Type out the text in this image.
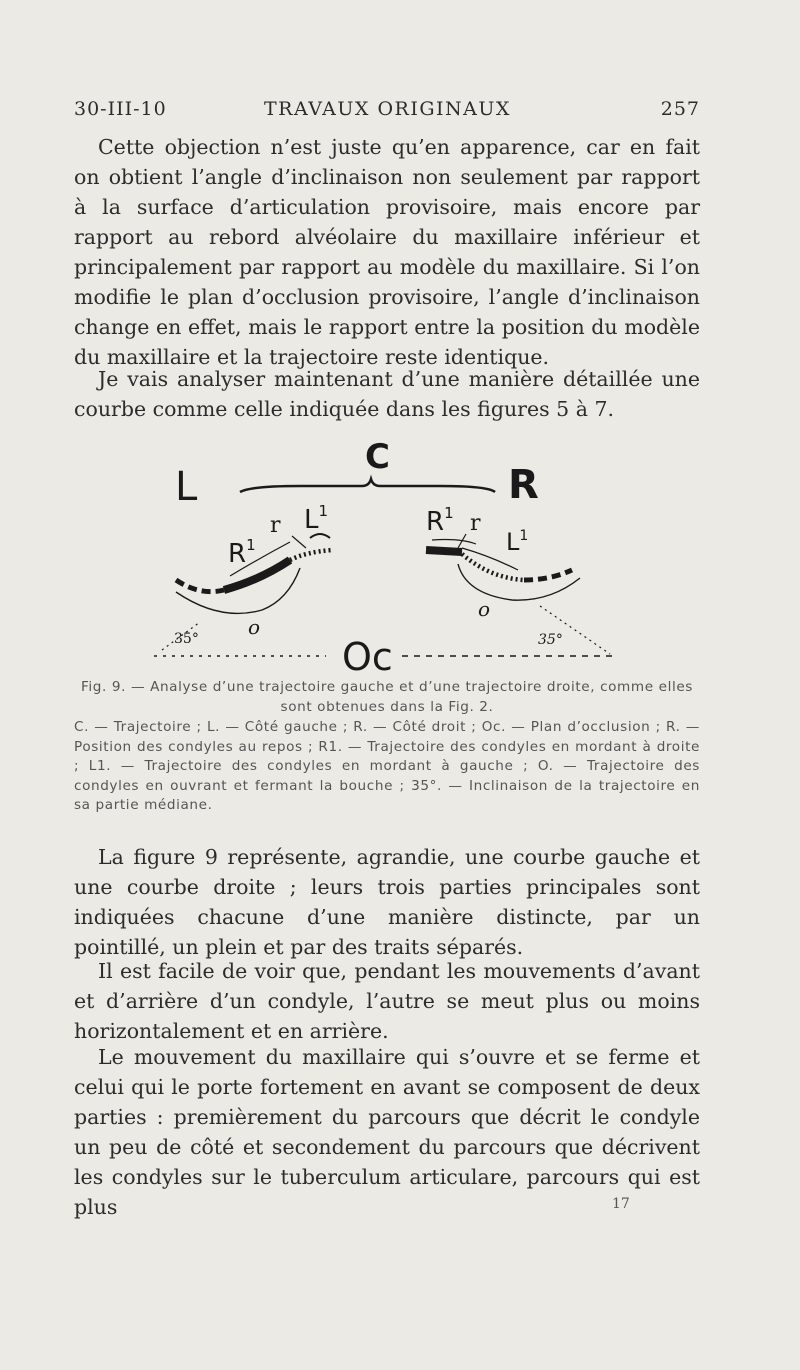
30-III-10	TRAVAUX ORIGINAUX	257

Cette objection n’est juste qu’en apparence, car en fait on obtient l’angle d’inclinaison non seulement par rapport à la surface d’articulation provisoire, mais encore par rapport au rebord alvéolaire du maxillaire inférieur et principalement par rapport au modèle du maxillaire. Si l’on modifie le plan d’occlusion provisoire, l’angle d’inclinaison change en effet, mais le rapport entre la position du modèle du maxillaire et la trajectoire reste identique.

Je vais analyser maintenant d’une manière détaillée une courbe comme celle indiquée dans les figures 5 à 7.

C
L	R
$R^1$
r $L^1$
o
35°
$R^1$ r
$L^1$
o
35°
Oc

Fig. 9. — Analyse d’une trajectoire gauche et d’une trajectoire droite, comme elles sont obtenues dans la Fig. 2.

C. — Trajectoire ; L. — Côté gauche ; R. — Côté droit ; Oc. — Plan d’occlusion ; R. — Position des condyles au repos ; R1. — Trajectoire des condyles en mordant à droite ; L1. — Trajectoire des condyles en mordant à gauche ; O. — Trajectoire des condyles en ouvrant et fermant la bouche ; 35°. — Inclinaison de la trajectoire en sa partie médiane.

La figure 9 représente, agrandie, une courbe gauche et une courbe droite ; leurs trois parties principales sont indiquées chacune d’une manière distincte, par un pointillé, un plein et par des traits séparés.

Il est facile de voir que, pendant les mouvements d’avant et d’arrière d’un condyle, l’autre se meut plus ou moins horizontalement et en arrière.

Le mouvement du maxillaire qui s’ouvre et se ferme et celui qui le porte fortement en avant se composent de deux parties : premièrement du parcours que décrit le condyle un peu de côté et secondement du parcours que décrivent les condyles sur le tuberculum articulare, parcours qui est plus	17
